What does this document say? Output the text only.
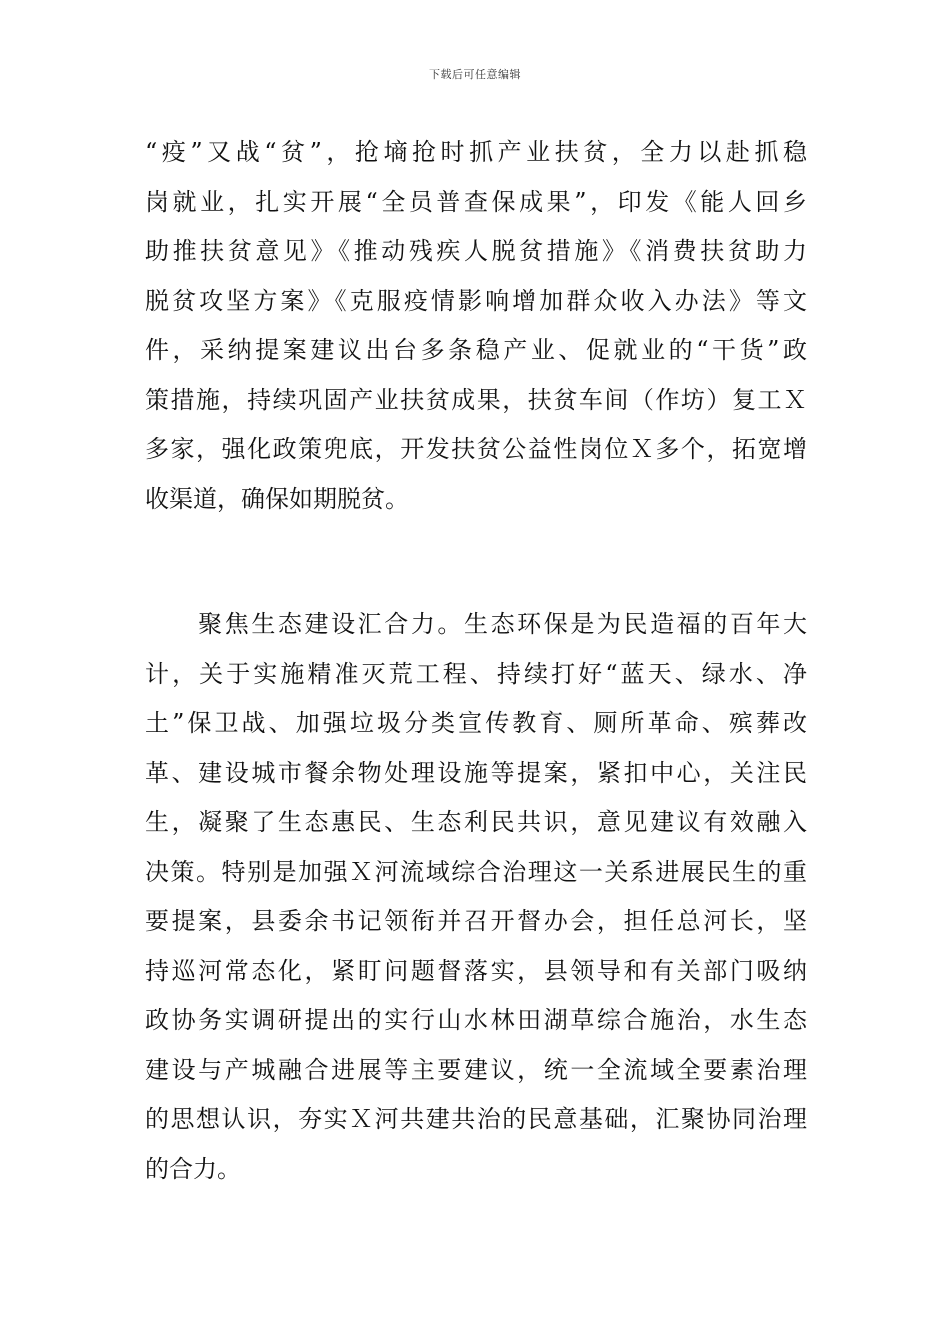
下载后可任意编辑
“疫”又战“贫”，抢墒抢时抓产业扶贫，全力以赴抓稳
岗就业，扎实开展“全员普查保成果”，印发《能人回乡
助推扶贫意见》《推动残疾人脱贫措施》《消费扶贫助力
脱贫攻坚方案》《克服疫情影响增加群众收入办法》等文
件，采纳提案建议出台多条稳产业、促就业的“干货”政
策措施，持续巩固产业扶贫成果，扶贫车间（作坊）复工Ｘ
多家，强化政策兜底，开发扶贫公益性岗位Ｘ多个，拓宽增
收渠道，确保如期脱贫。
　　聚焦生态建设汇合力。生态环保是为民造福的百年大
计，关于实施精准灭荒工程、持续打好“蓝天、绿水、净
土”保卫战、加强垃圾分类宣传教育、厕所革命、殡葬改
革、建设城市餐余物处理设施等提案，紧扣中心，关注民
生，凝聚了生态惠民、生态利民共识，意见建议有效融入
决策。特别是加强Ｘ河流域综合治理这一关系进展民生的重
要提案，县委余书记领衔并召开督办会，担任总河长，坚
持巡河常态化，紧盯问题督落实，县领导和有关部门吸纳
政协务实调研提出的实行山水林田湖草综合施治，水生态
建设与产城融合进展等主要建议，统一全流域全要素治理
的思想认识，夯实Ｘ河共建共治的民意基础，汇聚协同治理
的合力。
